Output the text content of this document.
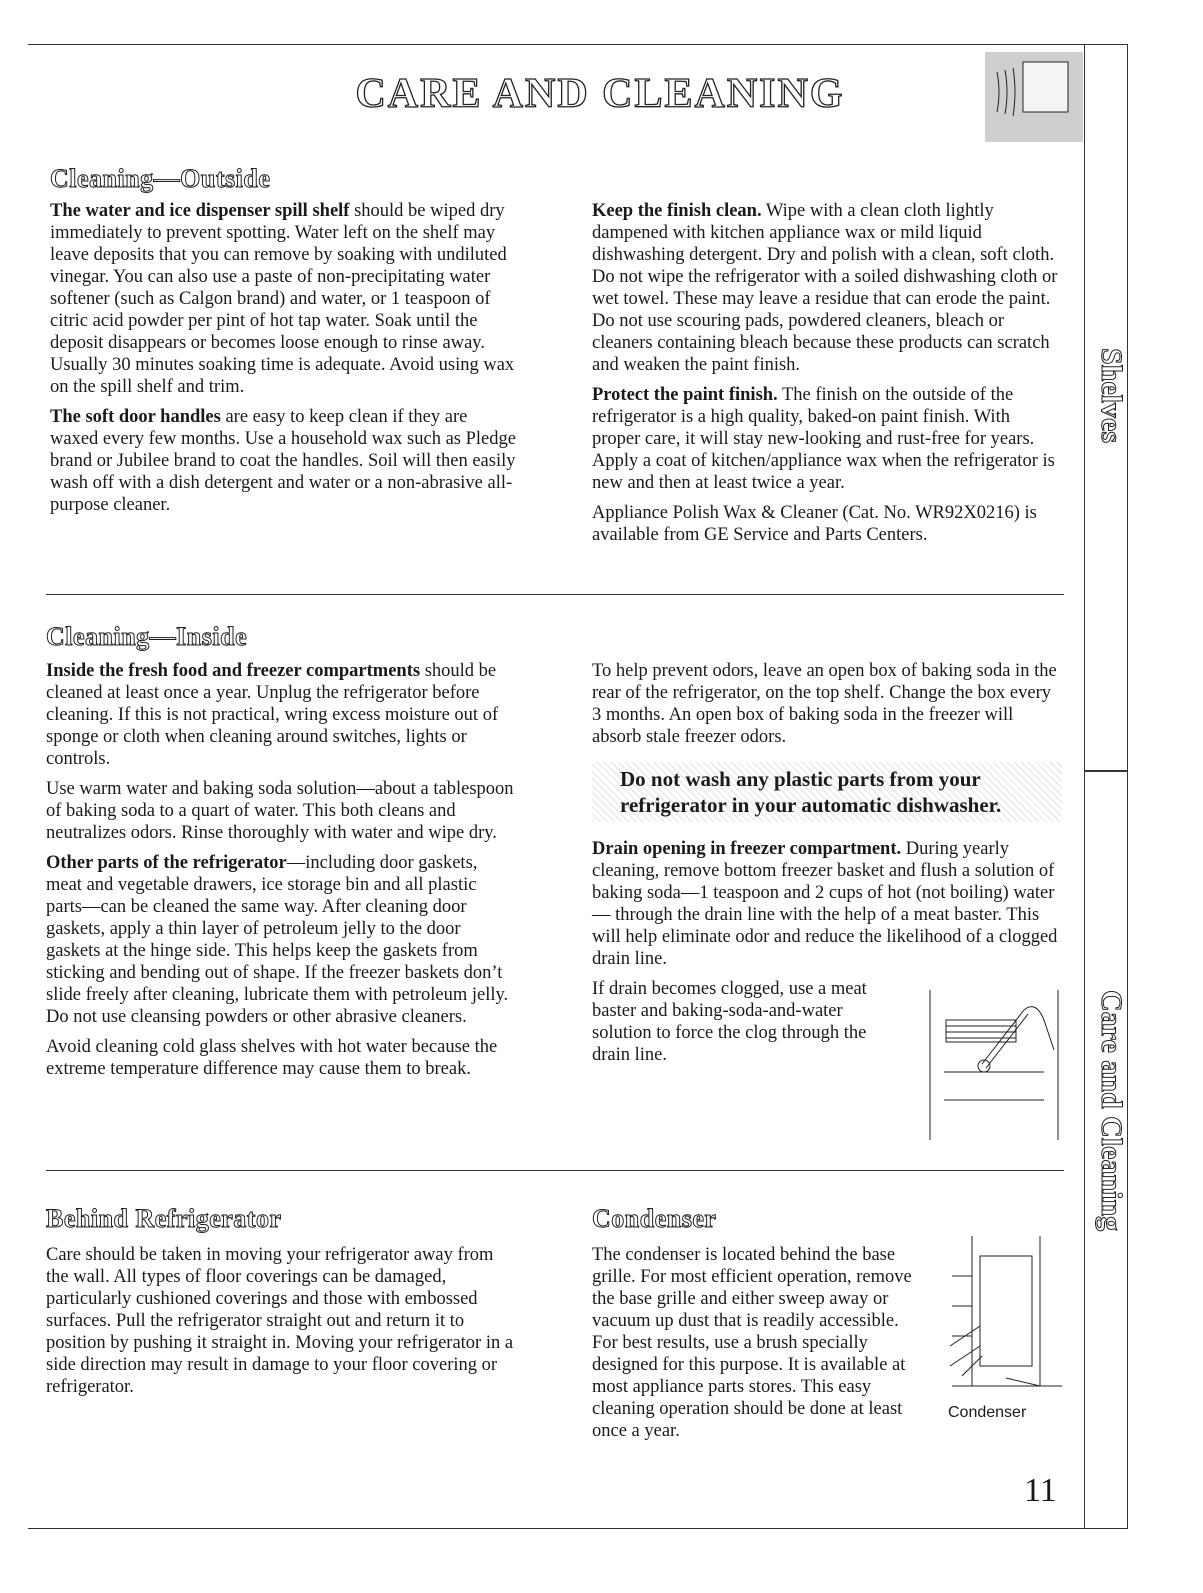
CARE AND CLEANING
Cleaning—Outside

The water and ice dispenser spill shelf should be wiped dry immediately to prevent spotting. Water left on the shelf may leave deposits that you can remove by soaking with undiluted vinegar. You can also use a paste of non-precipitating water softener (such as Calgon brand) and water, or 1 teaspoon of citric acid powder per pint of hot tap water. Soak until the deposit disappears or becomes loose enough to rinse away. Usually 30 minutes soaking time is adequate. Avoid using wax on the spill shelf and trim.

The soft door handles are easy to keep clean if they are waxed every few months. Use a household wax such as Pledge brand or Jubilee brand to coat the handles. Soil will then easily wash off with a dish detergent and water or a non-abrasive all-purpose cleaner.

Keep the finish clean. Wipe with a clean cloth lightly dampened with kitchen appliance wax or mild liquid dishwashing detergent. Dry and polish with a clean, soft cloth. Do not wipe the refrigerator with a soiled dishwashing cloth or wet towel. These may leave a residue that can erode the paint. Do not use scouring pads, powdered cleaners, bleach or cleaners containing bleach because these products can scratch and weaken the paint finish.

Protect the paint finish. The finish on the outside of the refrigerator is a high quality, baked-on paint finish. With proper care, it will stay new-looking and rust-free for years. Apply a coat of kitchen/appliance wax when the refrigerator is new and then at least twice a year.

Appliance Polish Wax & Cleaner (Cat. No. WR92X0216) is available from GE Service and Parts Centers.

Cleaning—Inside

Inside the fresh food and freezer compartments should be cleaned at least once a year. Unplug the refrigerator before cleaning. If this is not practical, wring excess moisture out of sponge or cloth when cleaning around switches, lights or controls.

Use warm water and baking soda solution—about a tablespoon of baking soda to a quart of water. This both cleans and neutralizes odors. Rinse thoroughly with water and wipe dry.

Other parts of the refrigerator—including door gaskets, meat and vegetable drawers, ice storage bin and all plastic parts—can be cleaned the same way. After cleaning door gaskets, apply a thin layer of petroleum jelly to the door gaskets at the hinge side. This helps keep the gaskets from sticking and bending out of shape. If the freezer baskets don’t slide freely after cleaning, lubricate them with petroleum jelly. Do not use cleansing powders or other abrasive cleaners.

Avoid cleaning cold glass shelves with hot water because the extreme temperature difference may cause them to break.

To help prevent odors, leave an open box of baking soda in the rear of the refrigerator, on the top shelf. Change the box every 3 months. An open box of baking soda in the freezer will absorb stale freezer odors.

Do not wash any plastic parts from your refrigerator in your automatic dishwasher.

Drain opening in freezer compartment. During yearly cleaning, remove bottom freezer basket and flush a solution of baking soda—1 teaspoon and 2 cups of hot (not boiling) water— through the drain line with the help of a meat baster. This will help eliminate odor and reduce the likelihood of a clogged drain line.

If drain becomes clogged, use a meat baster and baking-soda-and-water solution to force the clog through the drain line.

Behind Refrigerator

Care should be taken in moving your refrigerator away from the wall. All types of floor coverings can be damaged, particularly cushioned coverings and those with embossed surfaces. Pull the refrigerator straight out and return it to position by pushing it straight in. Moving your refrigerator in a side direction may result in damage to your floor covering or refrigerator.

Condenser

The condenser is located behind the base grille. For most efficient operation, remove the base grille and either sweep away or vacuum up dust that is readily accessible. For best results, use a brush specially designed for this purpose. It is available at most appliance parts stores. This easy cleaning operation should be done at least once a year.

Condenser
Shelves
Care and Cleaning
11
